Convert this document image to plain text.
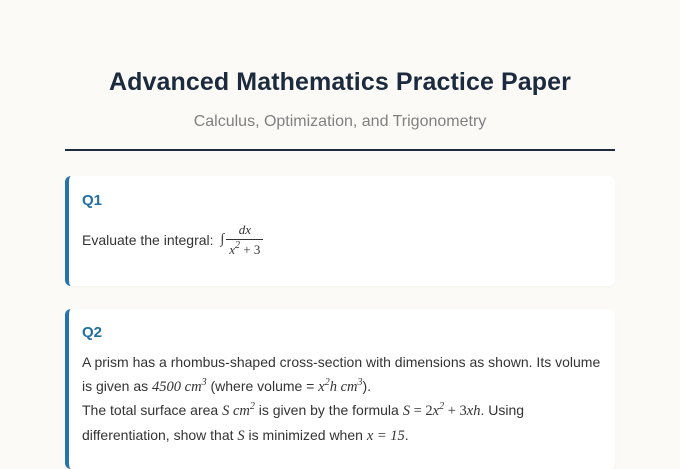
Advanced Mathematics Practice Paper
Calculus, Optimization, and Trigonometry
Q1
Evaluate the integral: ∫ $\frac{dx}{x^2 + 3}$
Q2
A prism has a rhombus-shaped cross-section with dimensions as shown. Its volume is given as 4500 $cm^3$ (where volume = $x^2h$ $cm^3$).
The total surface area S $cm^2$ is given by the formula $S = 2x^2 + 3xh$. Using differentiation, show that S is minimized when x = 15.
